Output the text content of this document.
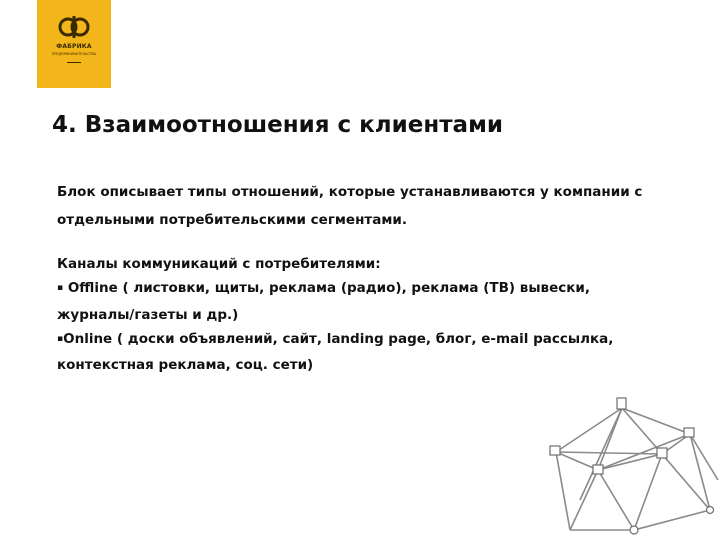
ФАБРИКА
ПРЕДПРИНИМАТЕЛЬСТВА
4. Взаимоотношения с клиентами
Блок описывает типы отношений, которые устанавливаются у компании с
отдельными потребительскими сегментами.
Каналы коммуникаций с потребителями:
▪ Offline ( листовки, щиты, реклама (радио), реклама (ТВ) вывески,
журналы/газеты и др.)
▪Online ( доски объявлений, сайт, landing page, блог, e-mail рассылка,
контекстная реклама, соц. сети)
